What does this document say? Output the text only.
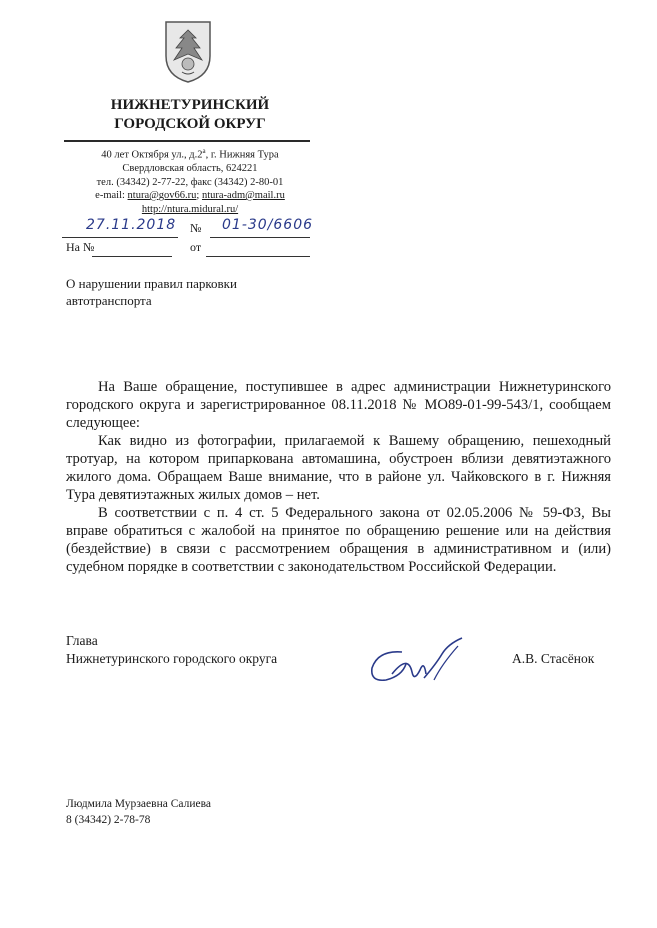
НИЖНЕТУРИНСКИЙ
ГОРОДСКОЙ ОКРУГ
40 лет Октября ул., $д.2^а$, г. Нижняя Тура
Свердловская область, 624221
тел. (34342) 2-77-22, факс (34342) 2-80-01
e-mail: ntura@gov66.ru; ntura-adm@mail.ru
http://ntura.midural.ru/
27.11.2018 № 01-30/6606
На №	от
О нарушении правил парковки
автотранспорта

На Ваше обращение, поступившее в адрес администрации Нижнетуринского городского округа и зарегистрированное 08.11.2018 № МО89-01-99-543/1, сообщаем следующее:

Как видно из фотографии, прилагаемой к Вашему обращению, пешеходный тротуар, на котором припаркована автомашина, обустроен вблизи девятиэтажного жилого дома. Обращаем Ваше внимание, что в районе ул. Чайковского в г. Нижняя Тура девятиэтажных жилых домов – нет.

В соответствии с п. 4 ст. 5 Федерального закона от 02.05.2006 № 59-ФЗ, Вы вправе обратиться с жалобой на принятое по обращению решение или на действия (бездействие) в связи с рассмотрением обращения в административном и (или) судебном порядке в соответствии с законодательством Российской Федерации.

Глава
Нижнетуринского городского округа	А.В. Стасёнок
Людмила Мурзаевна Салиева
8 (34342) 2-78-78
